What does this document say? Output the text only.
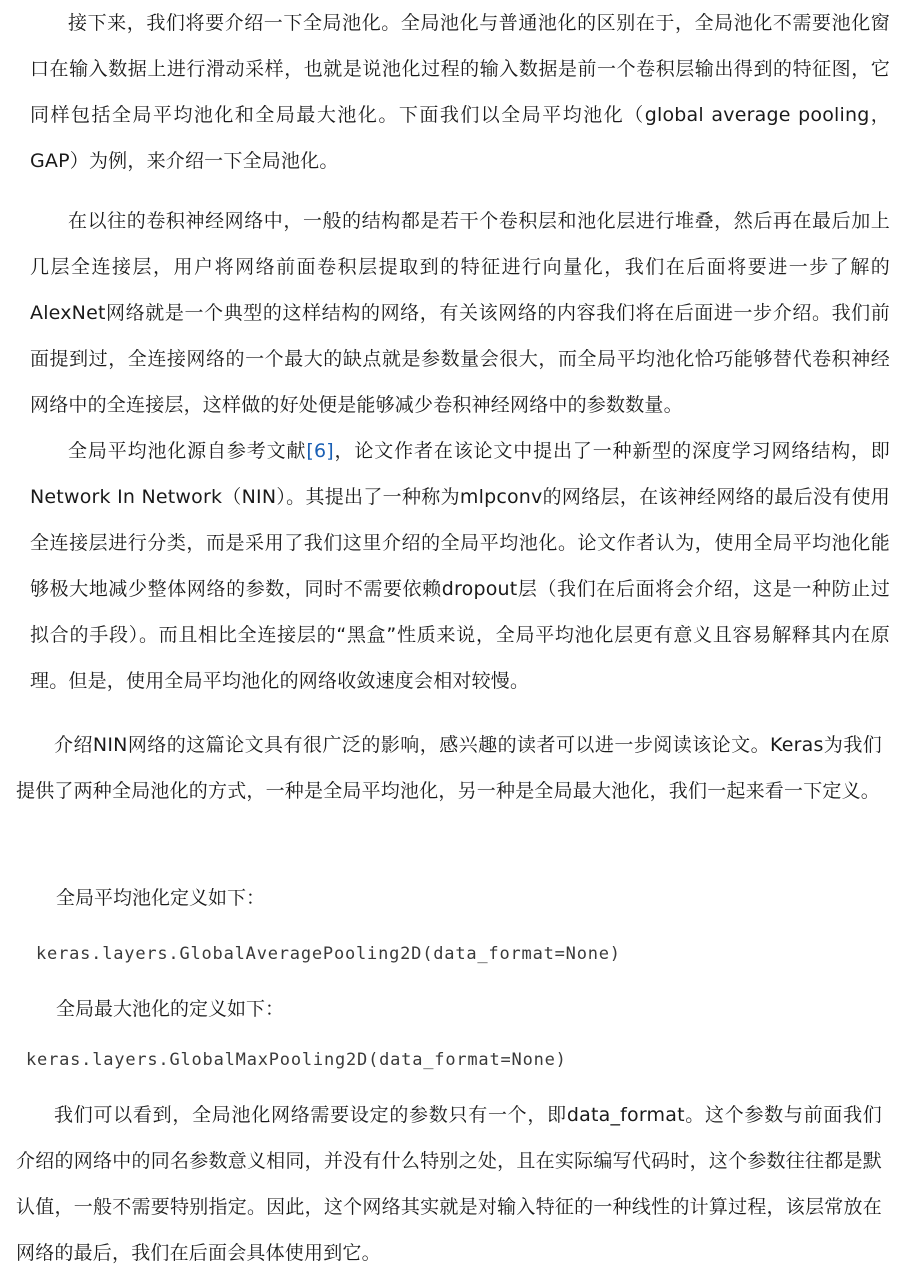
接下来，我们将要介绍一下全局池化。全局池化与普通池化的区别在于，全局池化不需要池化窗口在输入数据上进行滑动采样，也就是说池化过程的输入数据是前一个卷积层输出得到的特征图，它同样包括全局平均池化和全局最大池化。下面我们以全局平均池化（global average pooling，GAP）为例，来介绍一下全局池化。

在以往的卷积神经网络中，一般的结构都是若干个卷积层和池化层进行堆叠，然后再在最后加上几层全连接层，用户将网络前面卷积层提取到的特征进行向量化，我们在后面将要进一步了解的AlexNet网络就是一个典型的这样结构的网络，有关该网络的内容我们将在后面进一步介绍。我们前面提到过，全连接网络的一个最大的缺点就是参数量会很大，而全局平均池化恰巧能够替代卷积神经网络中的全连接层，这样做的好处便是能够减少卷积神经网络中的参数数量。

全局平均池化源自参考文献[6]，论文作者在该论文中提出了一种新型的深度学习网络结构，即Network In Network（NIN）。其提出了一种称为mlpconv的网络层，在该神经网络的最后没有使用全连接层进行分类，而是采用了我们这里介绍的全局平均池化。论文作者认为，使用全局平均池化能够极大地减少整体网络的参数，同时不需要依赖dropout层（我们在后面将会介绍，这是一种防止过拟合的手段）。而且相比全连接层的“黑盒”性质来说，全局平均池化层更有意义且容易解释其内在原理。但是，使用全局平均池化的网络收敛速度会相对较慢。

介绍NIN网络的这篇论文具有很广泛的影响，感兴趣的读者可以进一步阅读该论文。Keras为我们提供了两种全局池化的方式，一种是全局平均池化，另一种是全局最大池化，我们一起来看一下定义。

全局平均池化定义如下：

keras.layers.GlobalAveragePooling2D(data_format=None)

全局最大池化的定义如下：

keras.layers.GlobalMaxPooling2D(data_format=None)

我们可以看到，全局池化网络需要设定的参数只有一个，即data_format。这个参数与前面我们介绍的网络中的同名参数意义相同，并没有什么特别之处，且在实际编写代码时，这个参数往往都是默认值，一般不需要特别指定。因此，这个网络其实就是对输入特征的一种线性的计算过程，该层常放在网络的最后，我们在后面会具体使用到它。
